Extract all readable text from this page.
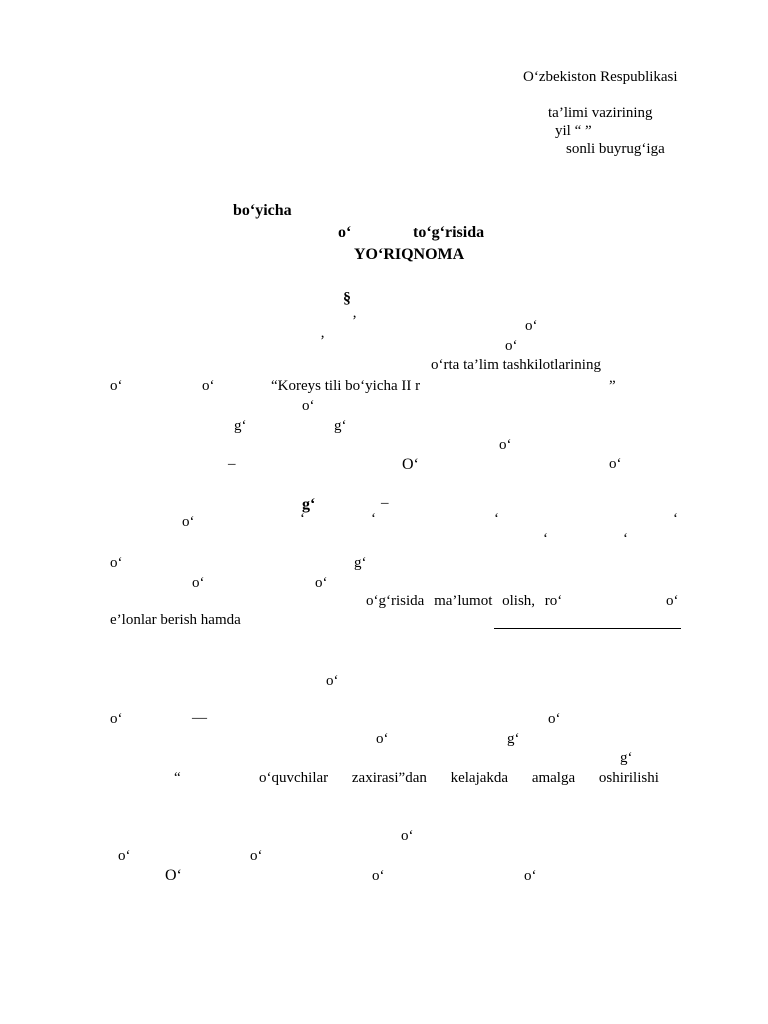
O‘zbekiston Respublikasi
ta’limi vazirining
yil “ ”
sonli buyrug‘iga
bo‘yicha
o‘	to‘g‘risida
YO‘RIQNOMA
§
’	o‘
’	o‘
o‘rta ta’lim tashkilotlarining
o‘	o‘	“Koreys tili bo‘yicha II r	”
o‘
g‘	g‘
o‘
–	O‘	o‘
g‘	–
o‘	‘	‘	‘	‘
‘	‘
o‘	g‘
o‘	o‘
o‘g‘risida ma’lumot olish, ro‘	o‘
e’lonlar berish hamda
o‘
o‘	—	o‘
o‘	g‘
g‘
“	o‘quvchilar zaxirasi”dan kelajakda amalga oshirilishi
o‘
o‘	o‘
O‘	o‘	o‘
